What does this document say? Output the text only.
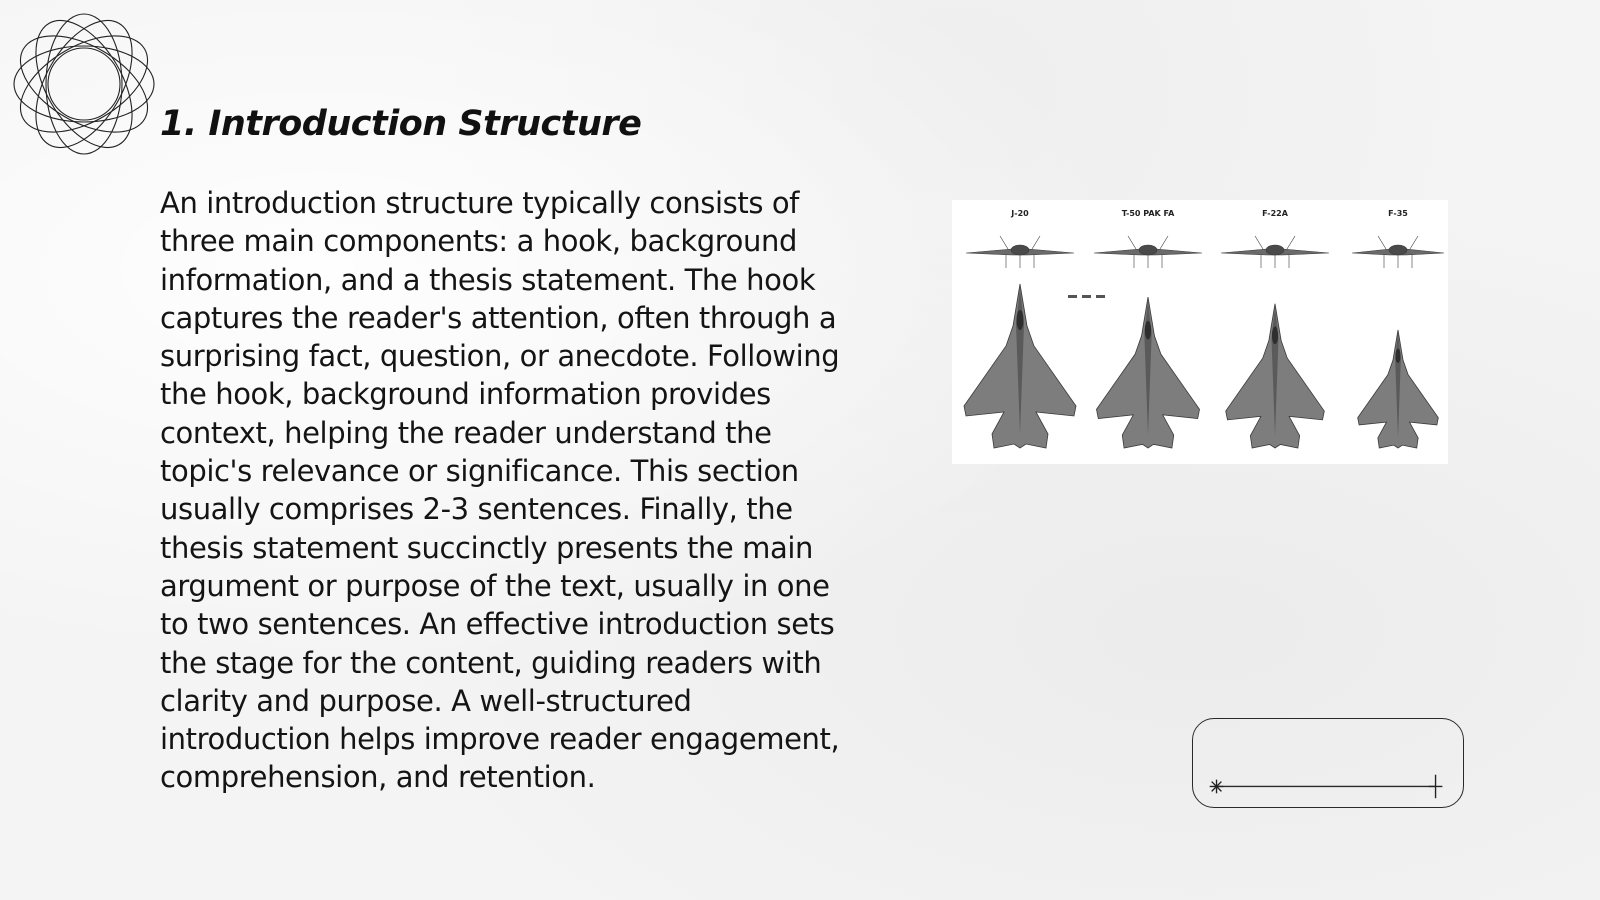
1. Introduction Structure

An introduction structure typically consists of three main components: a hook, background information, and a thesis statement. The hook captures the reader's attention, often through a surprising fact, question, or anecdote. Following the hook, background information provides context, helping the reader understand the topic's relevance or significance. This section usually comprises 2-3 sentences. Finally, the thesis statement succinctly presents the main argument or purpose of the text, usually in one to two sentences. An effective introduction sets the stage for the content, guiding readers with clarity and purpose. A well-structured introduction helps improve reader engagement, comprehension, and retention.

J-20	T-50 PAK FA	F-22A	F-35
